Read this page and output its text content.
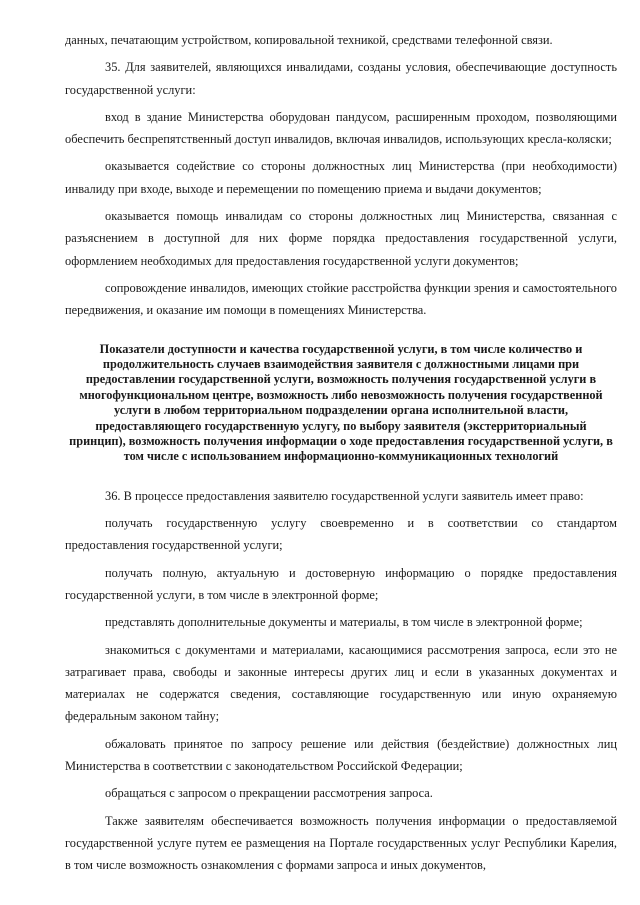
данных, печатающим устройством, копировальной техникой, средствами телефонной связи.

35. Для заявителей, являющихся инвалидами, созданы условия, обеспечивающие доступность государственной услуги:

вход в здание Министерства оборудован пандусом, расширенным проходом, позволяющими обеспечить беспрепятственный доступ инвалидов, включая инвалидов, использующих кресла-коляски;

оказывается содействие со стороны должностных лиц Министерства (при необходимости) инвалиду при входе, выходе и перемещении по помещению приема и выдачи документов;

оказывается помощь инвалидам со стороны должностных лиц Министерства, связанная с разъяснением в доступной для них форме порядка предоставления государственной услуги, оформлением необходимых для предоставления государственной услуги документов;

сопровождение инвалидов, имеющих стойкие расстройства функции зрения и самостоятельного передвижения, и оказание им помощи в помещениях Министерства.

Показатели доступности и качества государственной услуги, в том числе количество и продолжительность случаев взаимодействия заявителя с должностными лицами при предоставлении государственной услуги, возможность получения государственной услуги в многофункциональном центре, возможность либо невозможность получения государственной услуги в любом территориальном подразделении органа исполнительной власти, предоставляющего государственную услугу, по выбору заявителя (экстерриториальный принцип), возможность получения информации о ходе предоставления государственной услуги, в том числе с использованием информационно-коммуникационных технологий

36. В процессе предоставления заявителю государственной услуги заявитель имеет право:

получать государственную услугу своевременно и в соответствии со стандартом предоставления государственной услуги;

получать полную, актуальную и достоверную информацию о порядке предоставления государственной услуги, в том числе в электронной форме;

представлять дополнительные документы и материалы, в том числе в электронной форме;

знакомиться с документами и материалами, касающимися рассмотрения запроса, если это не затрагивает права, свободы и законные интересы других лиц и если в указанных документах и материалах не содержатся сведения, составляющие государственную или иную охраняемую федеральным законом тайну;

обжаловать принятое по запросу решение или действия (бездействие) должностных лиц Министерства в соответствии с законодательством Российской Федерации;

обращаться с запросом о прекращении рассмотрения запроса.

Также заявителям обеспечивается возможность получения информации о предоставляемой государственной услуге путем ее размещения на Портале государственных услуг Республики Карелия, в том числе возможность ознакомления с формами запроса и иных документов,
